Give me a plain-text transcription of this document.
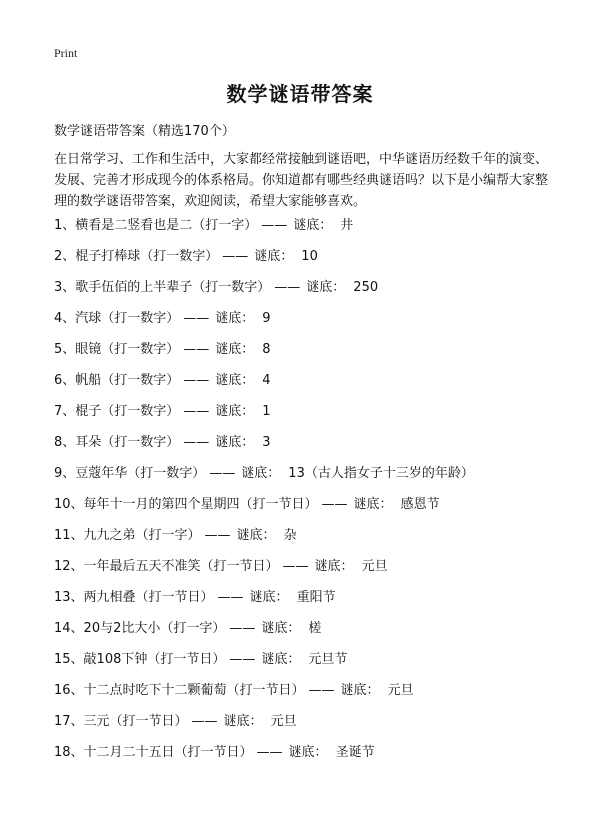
Print
数学谜语带答案

数学谜语带答案（精选170个）

在日常学习、工作和生活中，大家都经常接触到谜语吧，中华谜语历经数千年的演变、发展、完善才形成现今的体系格局。你知道都有哪些经典谜语吗？以下是小编帮大家整理的数学谜语带答案，欢迎阅读，希望大家能够喜欢。

1、横看是二竖看也是二（打一字） —— 谜底： 井
2、棍子打棒球（打一数字） —— 谜底： 10
3、歌手伍佰的上半辈子（打一数字） —— 谜底： 250
4、汽球（打一数字） —— 谜底： 9
5、眼镜（打一数字） —— 谜底： 8
6、帆船（打一数字） —— 谜底： 4
7、棍子（打一数字） —— 谜底： 1
8、耳朵（打一数字） —— 谜底： 3
9、豆蔻年华（打一数字） —— 谜底： 13（古人指女子十三岁的年龄）
10、每年十一月的第四个星期四（打一节日） —— 谜底： 感恩节
11、九九之弟（打一字） —— 谜底： 杂
12、一年最后五天不准笑（打一节日） —— 谜底： 元旦
13、两九相叠（打一节日） —— 谜底： 重阳节
14、20与2比大小（打一字） —— 谜底： 槎
15、敲108下钟（打一节日） —— 谜底： 元旦节
16、十二点时吃下十二颗葡萄（打一节日） —— 谜底： 元旦
17、三元（打一节日） —— 谜底： 元旦
18、十二月二十五日（打一节日） —— 谜底： 圣诞节
